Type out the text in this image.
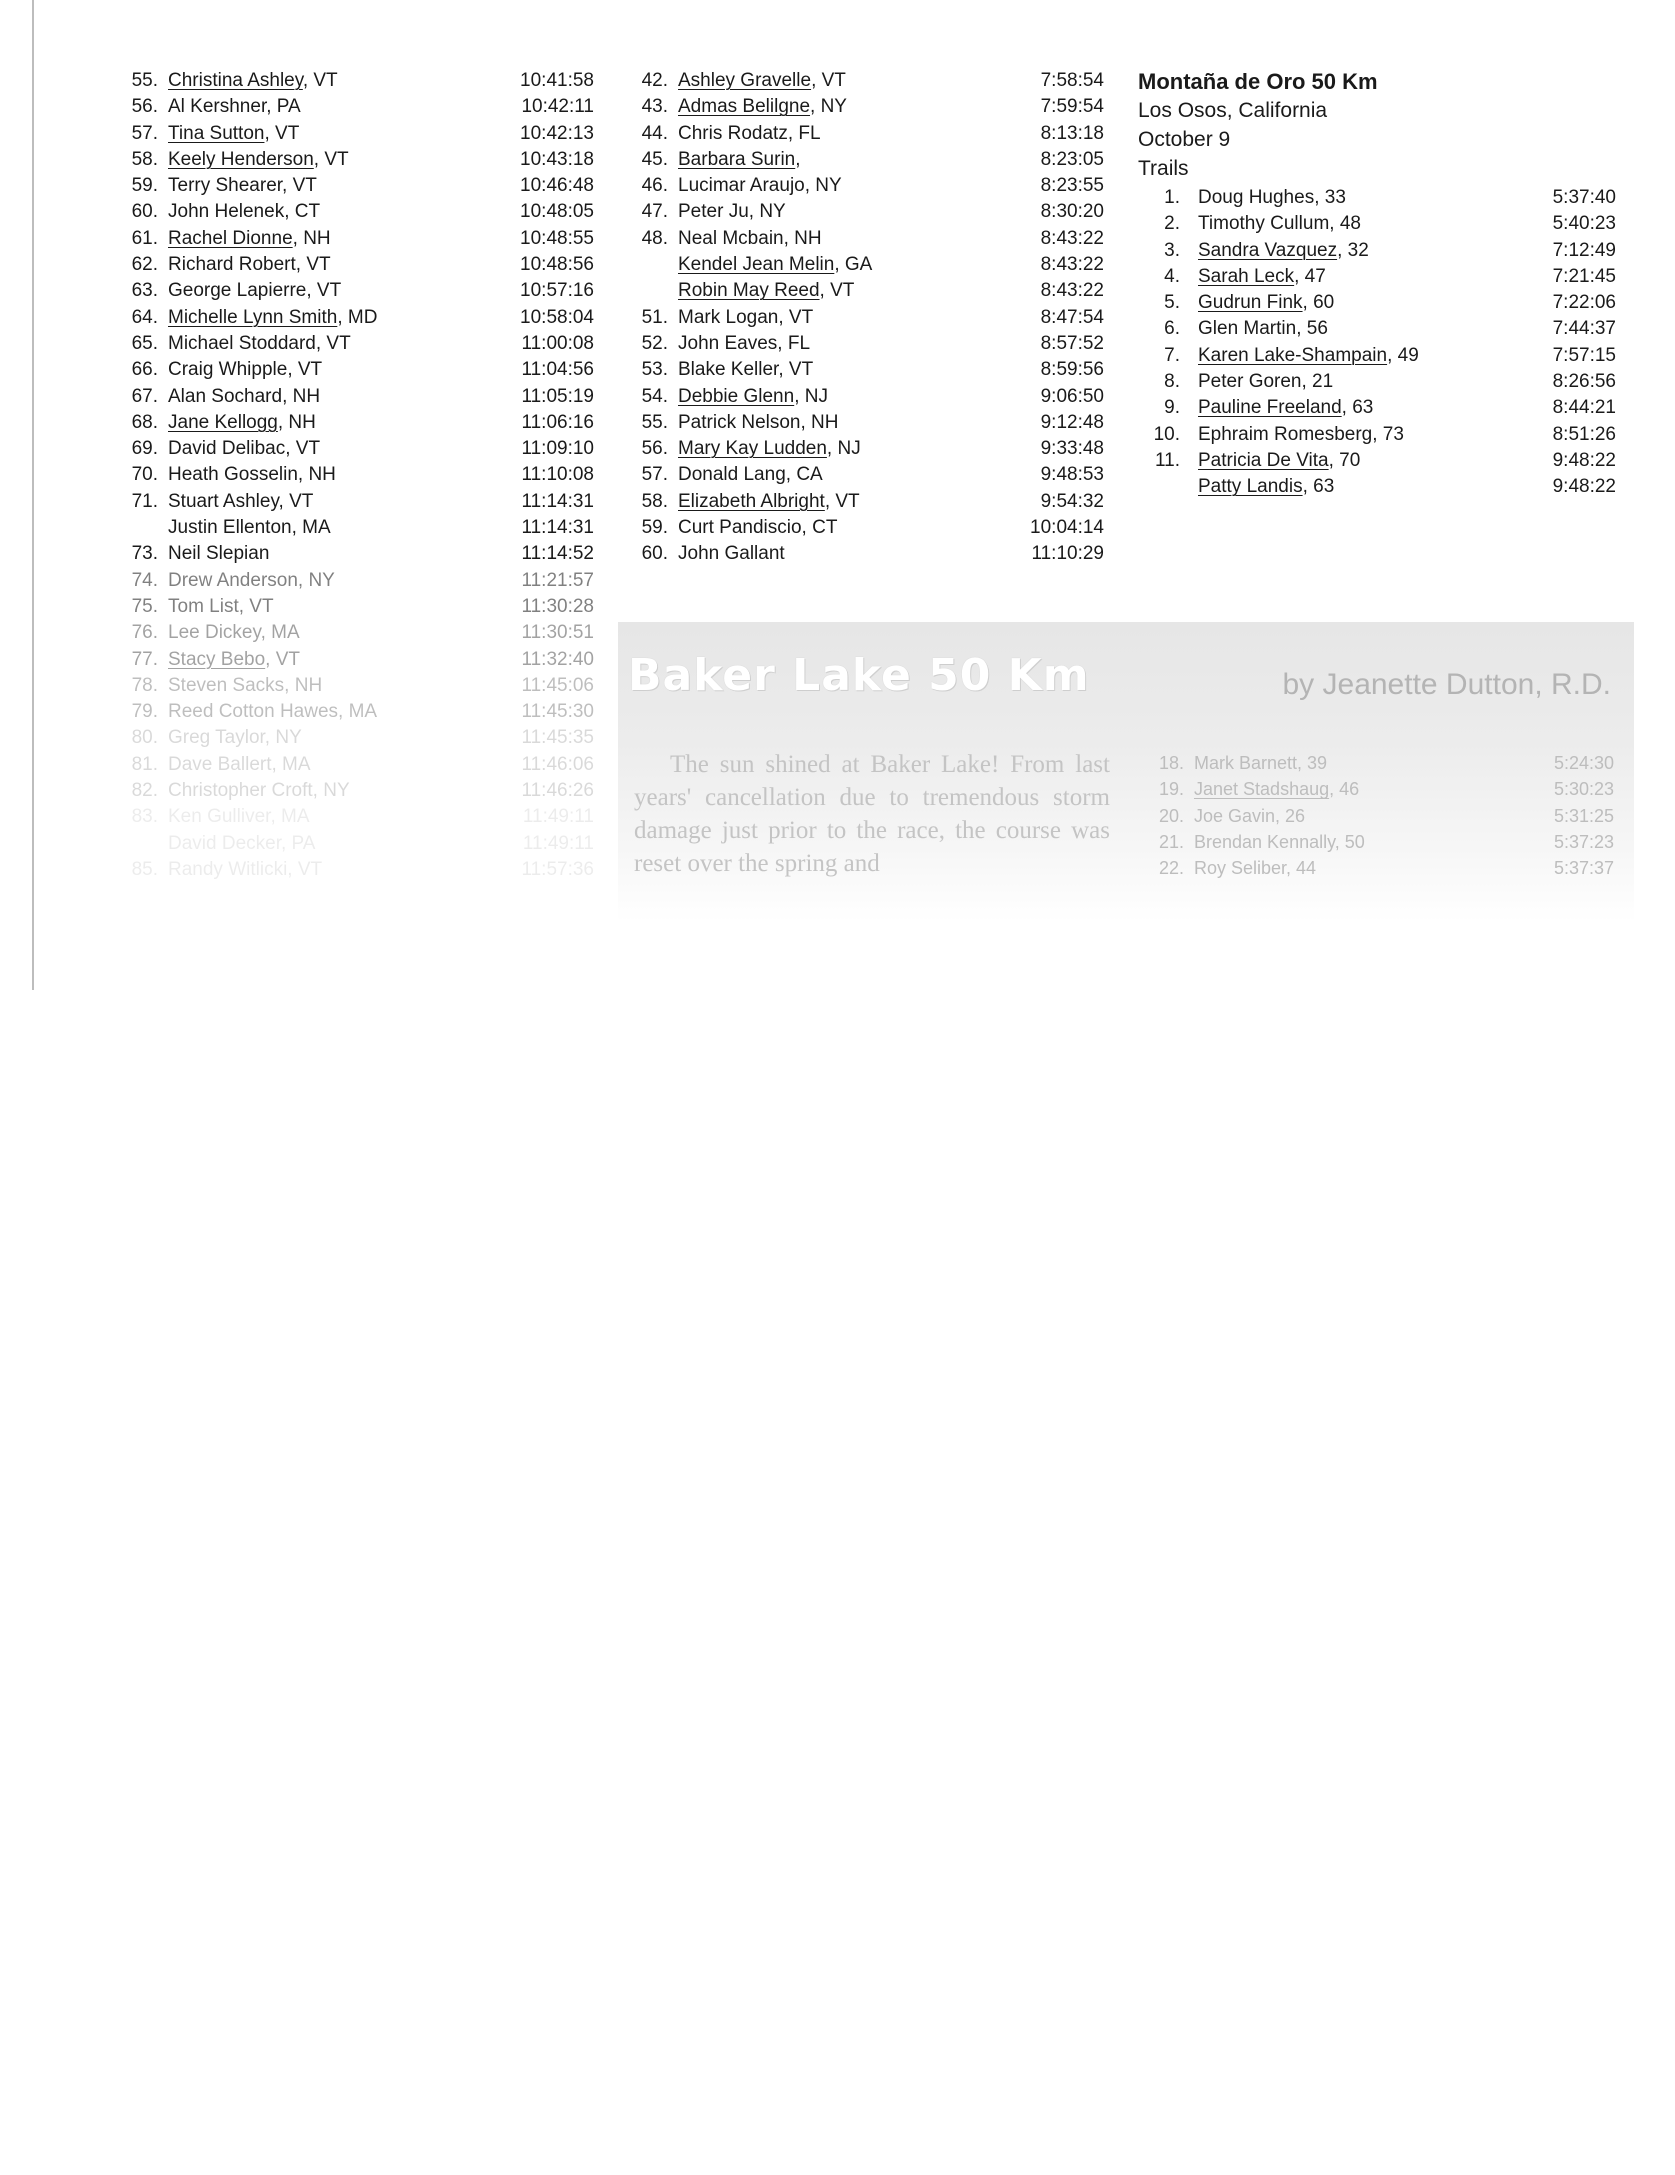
55. Christina Ashley, VT	10:41:58
56. Al Kershner, PA	10:42:11
57. Tina Sutton, VT	10:42:13
58. Keely Henderson, VT	10:43:18
59. Terry Shearer, VT	10:46:48
60. John Helenek, CT	10:48:05
61. Rachel Dionne, NH	10:48:55
62. Richard Robert, VT	10:48:56
63. George Lapierre, VT	10:57:16
64. Michelle Lynn Smith, MD	10:58:04
65. Michael Stoddard, VT	11:00:08
66. Craig Whipple, VT	11:04:56
67. Alan Sochard, NH	11:05:19
68. Jane Kellogg, NH	11:06:16
69. David Delibac, VT	11:09:10
70. Heath Gosselin, NH	11:10:08
71. Stuart Ashley, VT	11:14:31
Justin Ellenton, MA	11:14:31
73. Neil Slepian	11:14:52
74. Drew Anderson, NY	11:21:57
75. Tom List, VT	11:30:28
76. Lee Dickey, MA	11:30:51
77. Stacy Bebo, VT	11:32:40
78. Steven Sacks, NH	11:45:06
79. Reed Cotton Hawes, MA	11:45:30
80. Greg Taylor, NY	11:45:35
81. Dave Ballert, MA	11:46:06
82. Christopher Croft, NY	11:46:26
83. Ken Gulliver, MA	11:49:11
David Decker, PA	11:49:11
85. Randy Witlicki, VT	11:57:36
42. Ashley Gravelle, VT	7:58:54
43. Admas Belilgne, NY	7:59:54
44. Chris Rodatz, FL	8:13:18
45. Barbara Surin,	8:23:05
46. Lucimar Araujo, NY	8:23:55
47. Peter Ju, NY	8:30:20
48. Neal Mcbain, NH	8:43:22
Kendel Jean Melin, GA	8:43:22
Robin May Reed, VT	8:43:22
51. Mark Logan, VT	8:47:54
52. John Eaves, FL	8:57:52
53. Blake Keller, VT	8:59:56
54. Debbie Glenn, NJ	9:06:50
55. Patrick Nelson, NH	9:12:48
56. Mary Kay Ludden, NJ	9:33:48
57. Donald Lang, CA	9:48:53
58. Elizabeth Albright, VT	9:54:32
59. Curt Pandiscio, CT	10:04:14
60. John Gallant	11:10:29
Montaña de Oro 50 Km
Los Osos, California
October 9
Trails
1. Doug Hughes, 33	5:37:40
2. Timothy Cullum, 48	5:40:23
3. Sandra Vazquez, 32	7:12:49
4. Sarah Leck, 47	7:21:45
5. Gudrun Fink, 60	7:22:06
6. Glen Martin, 56	7:44:37
7. Karen Lake-Shampain, 49	7:57:15
8. Peter Goren, 21	8:26:56
9. Pauline Freeland, 63	8:44:21
10. Ephraim Romesberg, 73	8:51:26
11. Patricia De Vita, 70	9:48:22
Patty Landis, 63	9:48:22
Baker Lake 50 Km	by Jeanette Dutton, R.D.
The sun shined at Baker Lake! From last years' cancellation due to tremendous storm damage just prior to the race, the course was reset over the spring and
18. Mark Barnett, 39	5:24:30
19. Janet Stadshaug, 46	5:30:23
20. Joe Gavin, 26	5:31:25
21. Brendan Kennally, 50	5:37:23
22. Roy Seliber, 44	5:37:37
